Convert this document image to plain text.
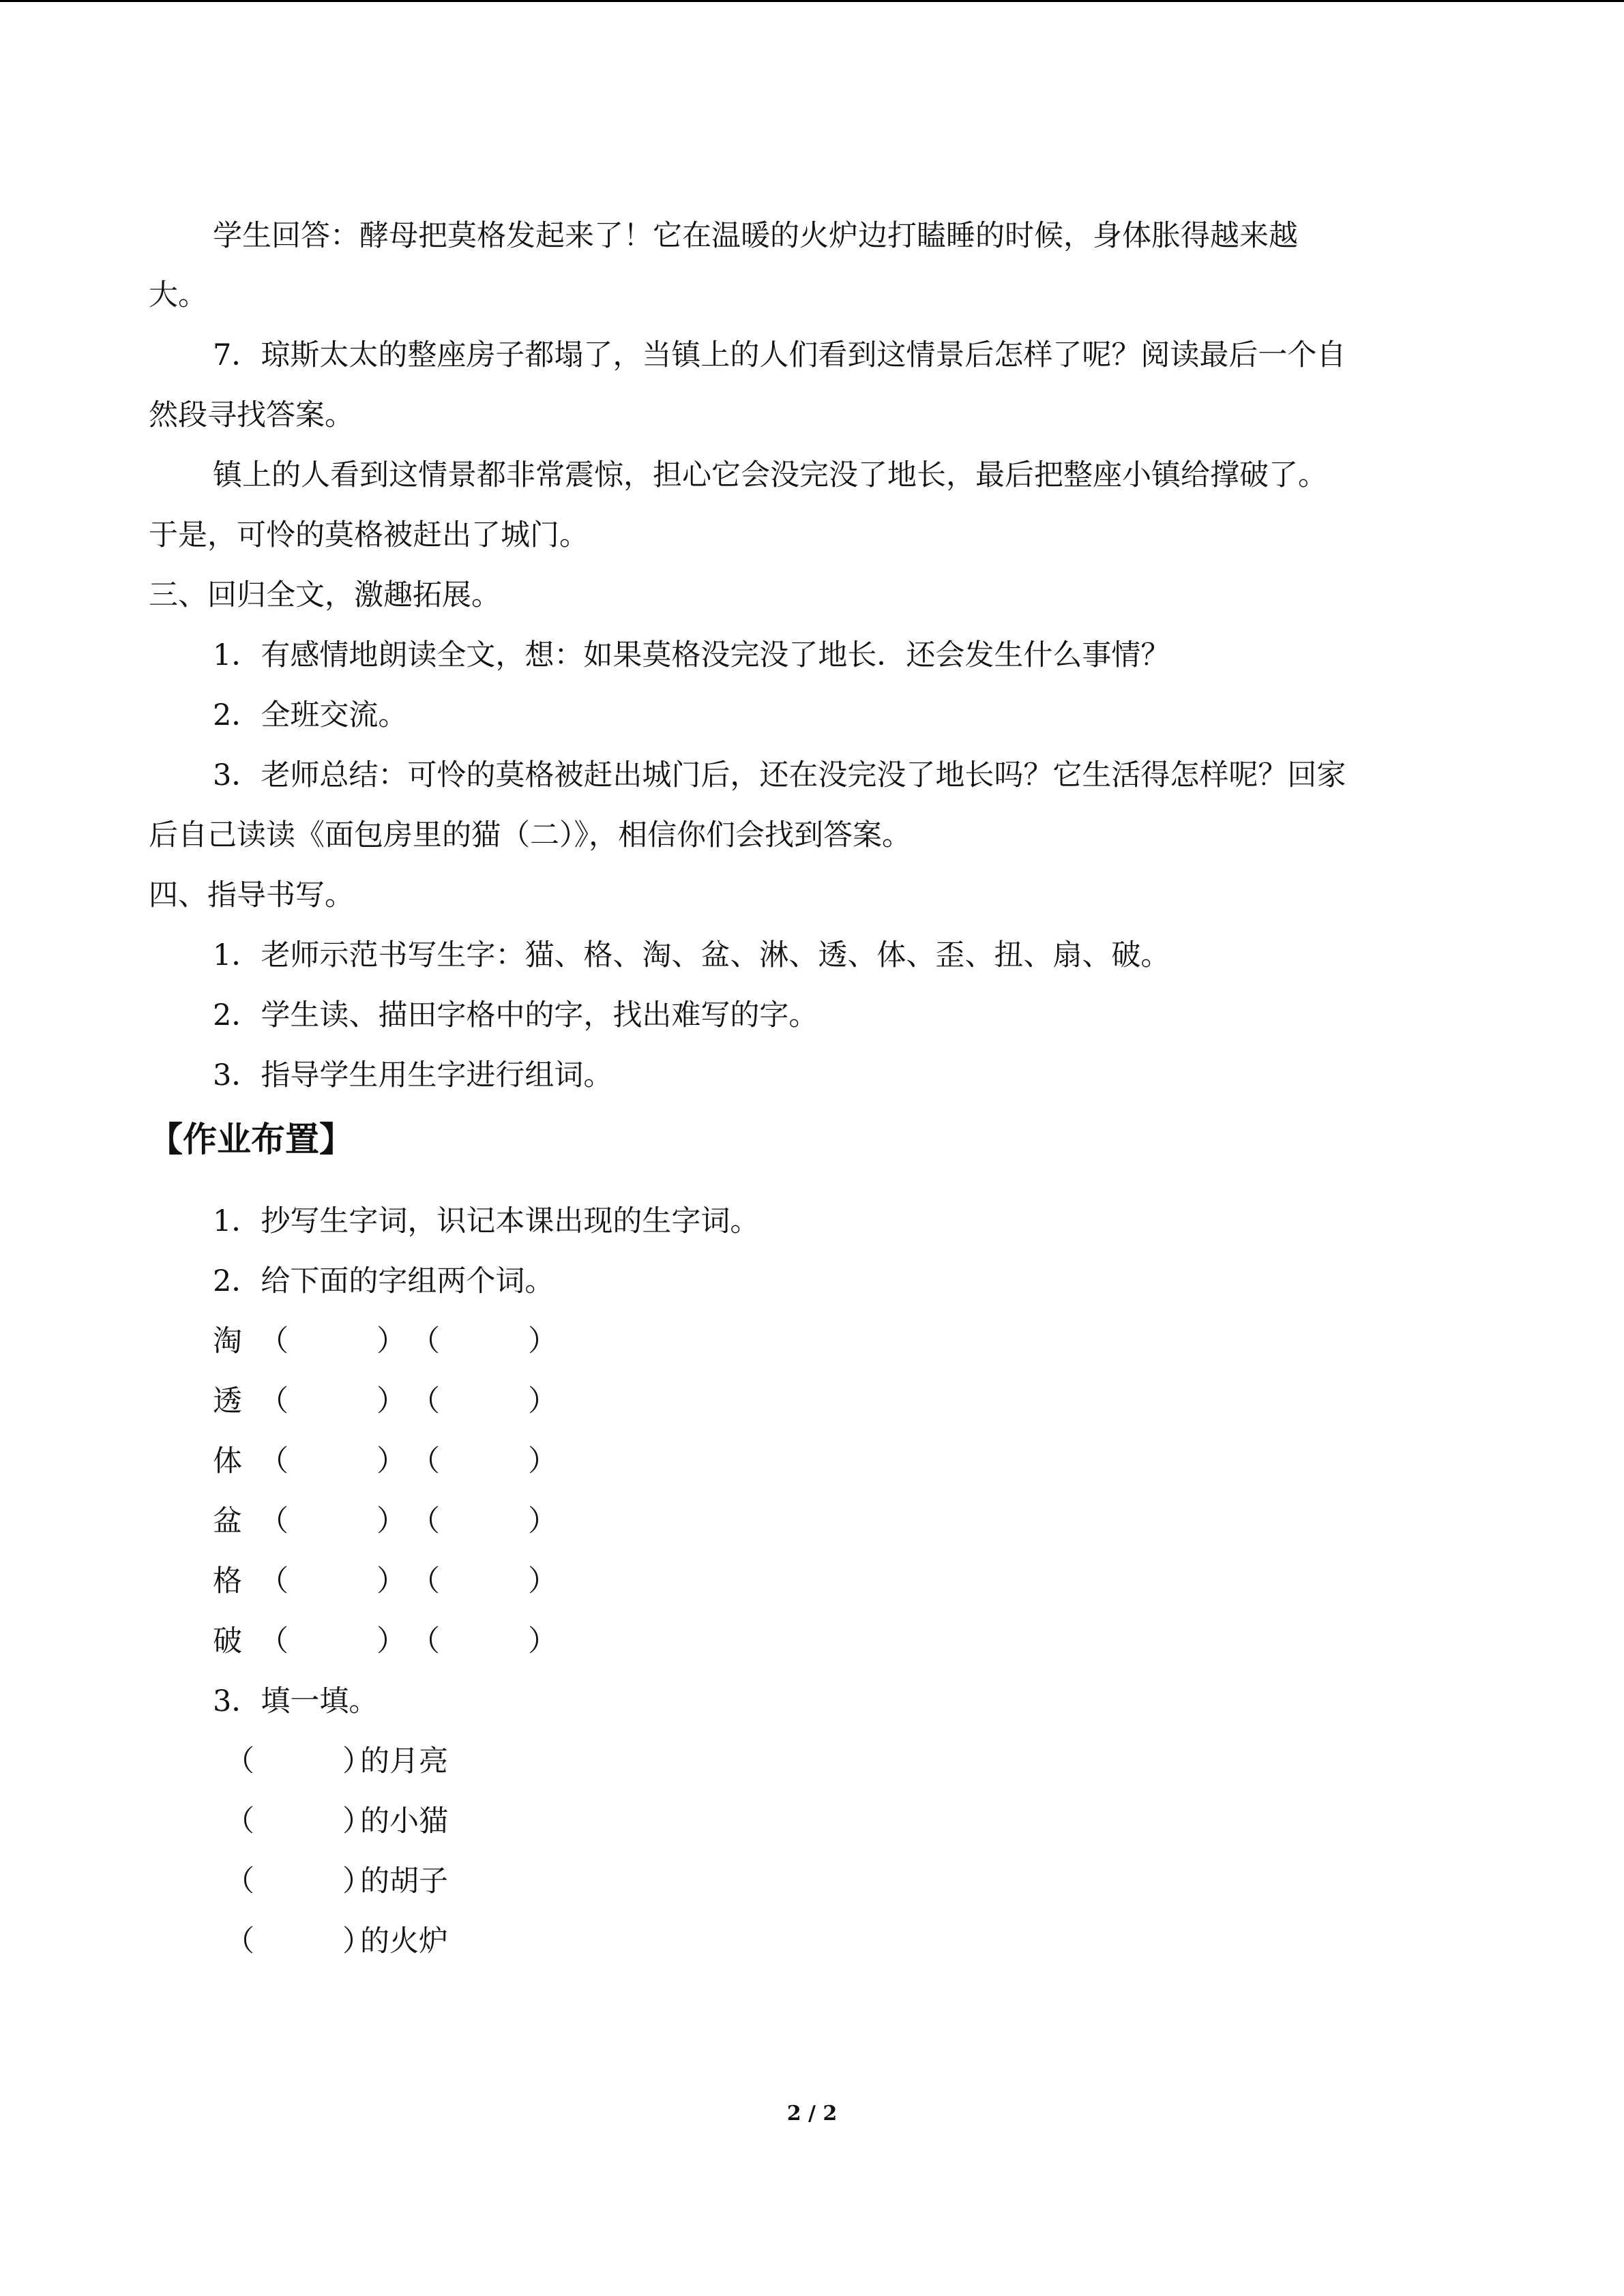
学生回答：酵母把莫格发起来了！它在温暖的火炉边打瞌睡的时候，身体胀得越来越
大。
7．琼斯太太的整座房子都塌了，当镇上的人们看到这情景后怎样了呢？阅读最后一个自
然段寻找答案。
镇上的人看到这情景都非常震惊，担心它会没完没了地长，最后把整座小镇给撑破了。
于是，可怜的莫格被赶出了城门。
三、回归全文，激趣拓展。
1．有感情地朗读全文，想：如果莫格没完没了地长．还会发生什么事情？
2．全班交流。
3．老师总结：可怜的莫格被赶出城门后，还在没完没了地长吗？它生活得怎样呢？回家
后自己读读《面包房里的猫（二）》，相信你们会找到答案。
四、指导书写。
1．老师示范书写生字：猫、格、淘、盆、淋、透、体、歪、扭、扇、破。
2．学生读、描田字格中的字，找出难写的字。
3．指导学生用生字进行组词。
【作业布置】
1．抄写生字词，识记本课出现的生字词。
2．给下面的字组两个词。
淘 （　　　） （　　　）
透 （　　　） （　　　）
体 （　　　） （　　　）
盆 （　　　） （　　　）
格 （　　　） （　　　）
破 （　　　） （　　　）
3．填一填。
（　　　）
的月亮
（　　　）
的小猫
（　　　）
的胡子
（　　　）
的火炉
2 / 2
